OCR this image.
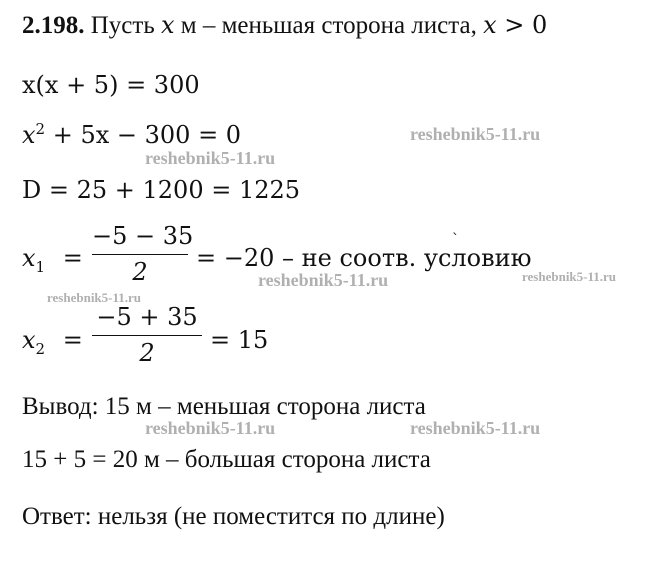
2.198. Пусть x м – меньшая сторона листа, x > 0
x(x + 5) = 300
$x^2 + 5x - 300 = 0$
D = 25 + 1200 = 1225
$x_1$ =
−5 − 35
2	= −20 – не соотв. условию
`
$x_2$ =
−5 + 35
2	= 15
Вывод: 15 м – меньшая сторона листа
15 + 5 = 20 м – большая сторона листа
Ответ: нельзя (не поместится по длине)
reshebnik5-11.ru
reshebnik5-11.ru
reshebnik5-11.ru	reshebnik5-11.ru
reshebnik5-11.ru
reshebnik5-11.ru	reshebnik5-11.ru
